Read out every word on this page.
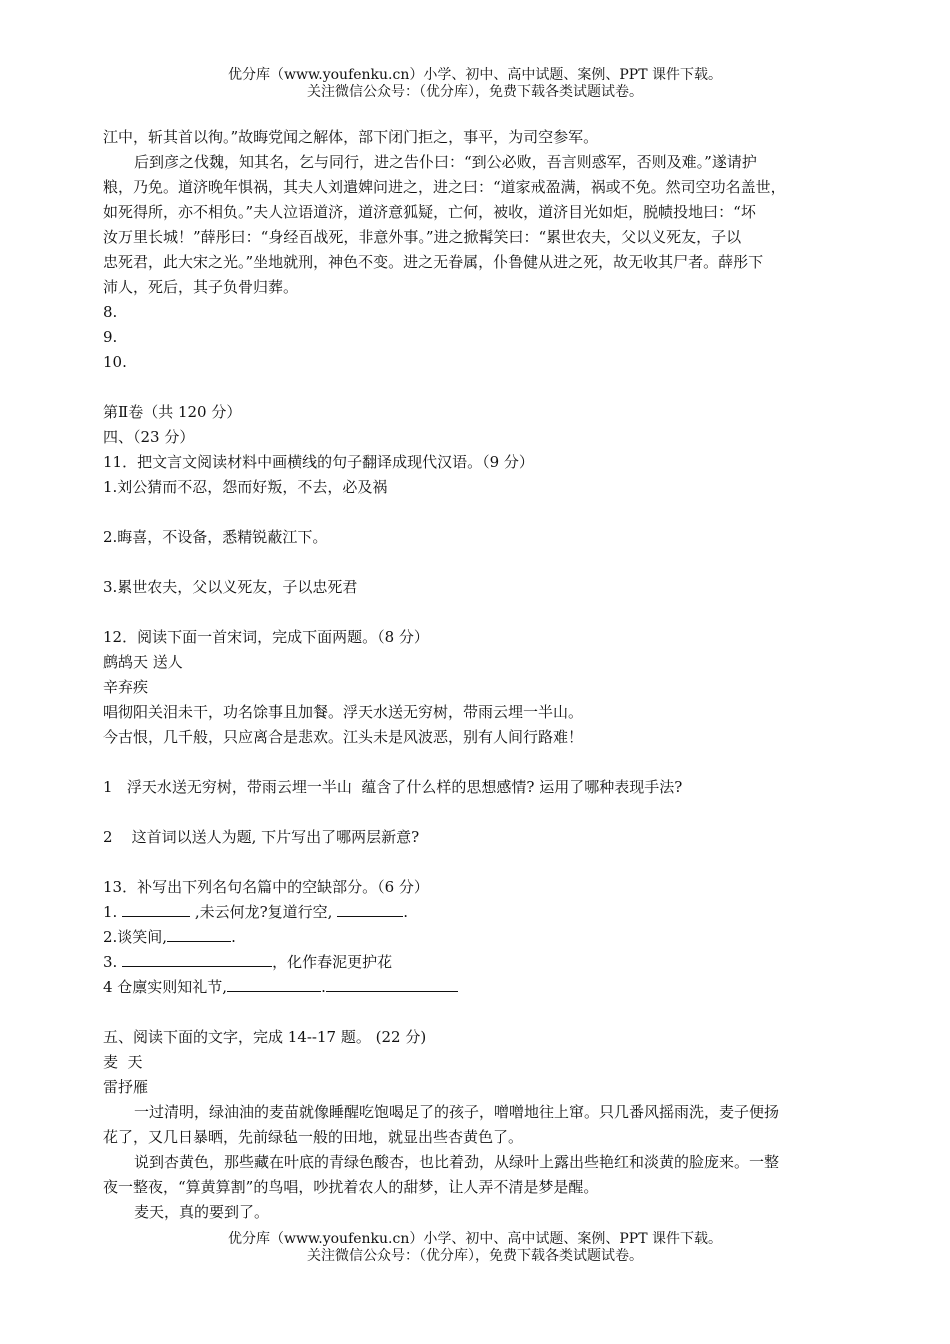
优分库（www.youfenku.cn）小学、初中、高中试题、案例、PPT 课件下载。
关注微信公众号：（优分库），免费下载各类试题试卷。
江中，斩其首以徇。”故晦党闻之解体，部下闭门拒之，事平，为司空参军。
后到彦之伐魏，知其名，乞与同行，进之告仆曰：“到公必败，吾言则惑军，否则及难。”遂请护
粮，乃免。道济晚年惧祸，其夫人刘遣婢问进之，进之曰：“道家戒盈满，祸或不免。然司空功名盖世，
如死得所，亦不相负。”夫人泣语道济，道济意狐疑，亡何，被收，道济目光如炬，脱帻投地曰：“坏
汝万里长城！”薛彤曰：“身经百战死，非意外事。”进之掀髯笑曰：“累世农夫，父以义死友，子以
忠死君，此大宋之光。”坐地就刑，神色不变。进之无眷属，仆鲁健从进之死，故无收其尸者。薛彤下
沛人，死后，其子负骨归葬。
8.
9.
10.
第Ⅱ卷（共 120 分）
四、（23 分）
11．把文言文阅读材料中画横线的句子翻译成现代汉语。（9 分）
1.刘公猜而不忍，怨而好叛，不去，必及祸
2.晦喜，不设备，悉精锐蔽江下。
3.累世农夫，父以义死友，子以忠死君
12．阅读下面一首宋词，完成下面两题。（8 分）
鹧鸪天 送人
辛弃疾
唱彻阳关泪未干，功名馀事且加餐。浮天水送无穷树，带雨云埋一半山。
今古恨，几千般，只应离合是悲欢。江头未是风波恶，别有人间行路难！
1   浮天水送无穷树，带雨云埋一半山  蕴含了什么样的思想感情? 运用了哪种表现手法?
2    这首词以送人为题, 下片写出了哪两层新意?
13．补写出下列名句名篇中的空缺部分。（6 分）
1.	,未云何龙?复道行空,	.
2.谈笑间,	.
3.	，化作春泥更护花
4 仓廪实则知礼节,	.
五、阅读下面的文字，完成 14--17 题。 (22 分)
麦  天
雷抒雁
一过清明，绿油油的麦苗就像睡醒吃饱喝足了的孩子，噌噌地往上窜。只几番风摇雨洗，麦子便扬
花了，又几日暴晒，先前绿毡一般的田地，就显出些杏黄色了。
说到杏黄色，那些藏在叶底的青绿色酸杏，也比着劲，从绿叶上露出些艳红和淡黄的脸庞来。一整
夜一整夜，“算黄算割”的鸟唱，吵扰着农人的甜梦，让人弄不清是梦是醒。
麦天，真的要到了。
优分库（www.youfenku.cn）小学、初中、高中试题、案例、PPT 课件下载。
关注微信公众号：（优分库），免费下载各类试题试卷。
